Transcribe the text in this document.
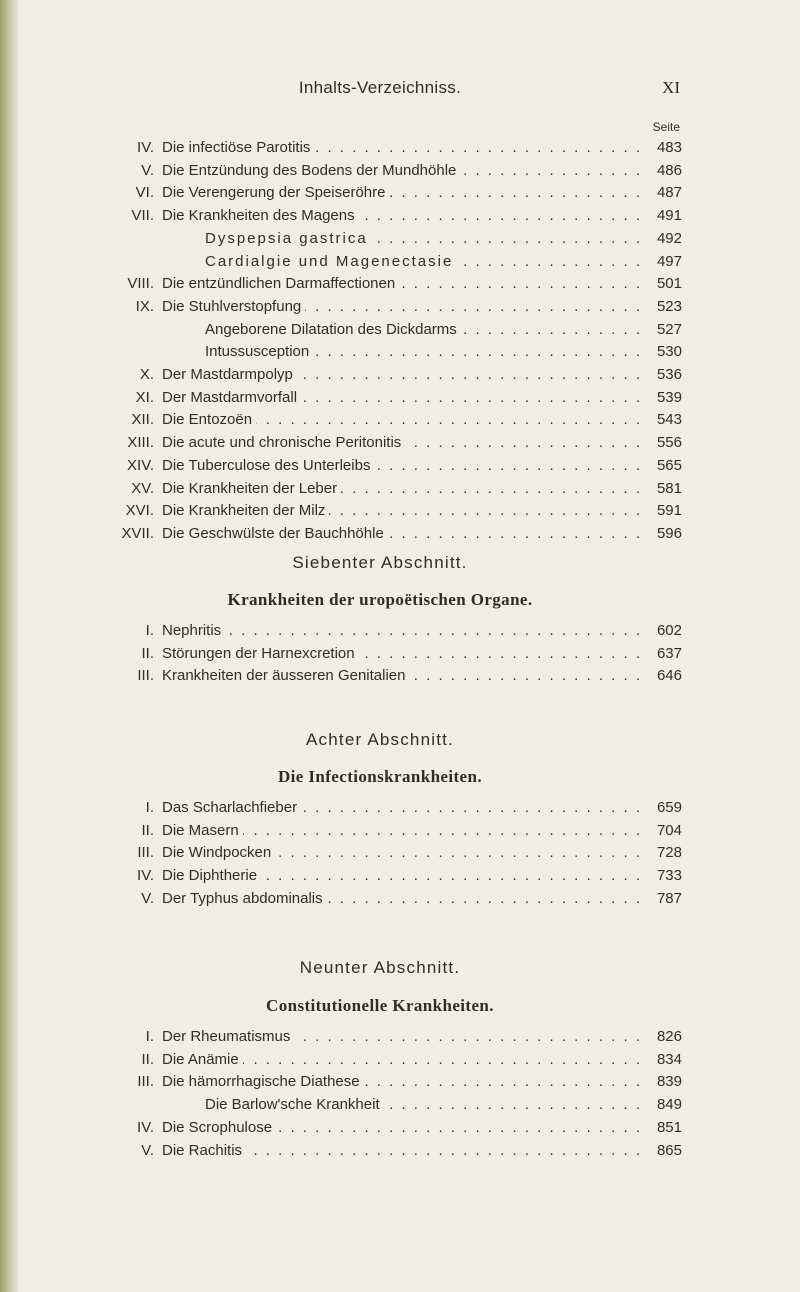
Inhalts-Verzeichniss.	XI
Seite
IV. Die infectiöse Parotitis . . .	483
V. Die Entzündung des Bodens der Mundhöhle . . .	486
VI. Die Verengerung der Speiseröhre . . .	487
VII. Die Krankheiten des Magens . . .	491
Dyspepsia gastrica . . .	492
Cardialgie und Magenectasie . . .	497
VIII. Die entzündlichen Darmaffectionen . . .	501
IX. Die Stuhlverstopfung . . .	523
Angeborene Dilatation des Dickdarms . . .	527
Intussusception . . .	530
X. Der Mastdarmpolyp . . .	536
XI. Der Mastdarmvorfall . . .	539
XII. Die Entozoën . . .	543
XIII. Die acute und chronische Peritonitis . . .	556
XIV. Die Tuberculose des Unterleibs . . .	565
XV. Die Krankheiten der Leber . . .	581
XVI. Die Krankheiten der Milz . . .	591
XVII. Die Geschwülste der Bauchhöhle . . .	596
Siebenter Abschnitt.
Krankheiten der uropoëtischen Organe.
I. Nephritis . . .	602
II. Störungen der Harnexcretion . . .	637
III. Krankheiten der äusseren Genitalien . . .	646
Achter Abschnitt.
Die Infectionskrankheiten.
I. Das Scharlachfieber . . .	659
II. Die Masern . . .	704
III. Die Windpocken . . .	728
IV. Die Diphtherie . . .	733
V. Der Typhus abdominalis . . .	787
Neunter Abschnitt.
Constitutionelle Krankheiten.
I. Der Rheumatismus . . .	826
II. Die Anämie . . .	834
III. Die hämorrhagische Diathese . . .	839
Die Barlow'sche Krankheit . . .	849
IV. Die Scrophulose . . .	851
V. Die Rachitis . . .	865
